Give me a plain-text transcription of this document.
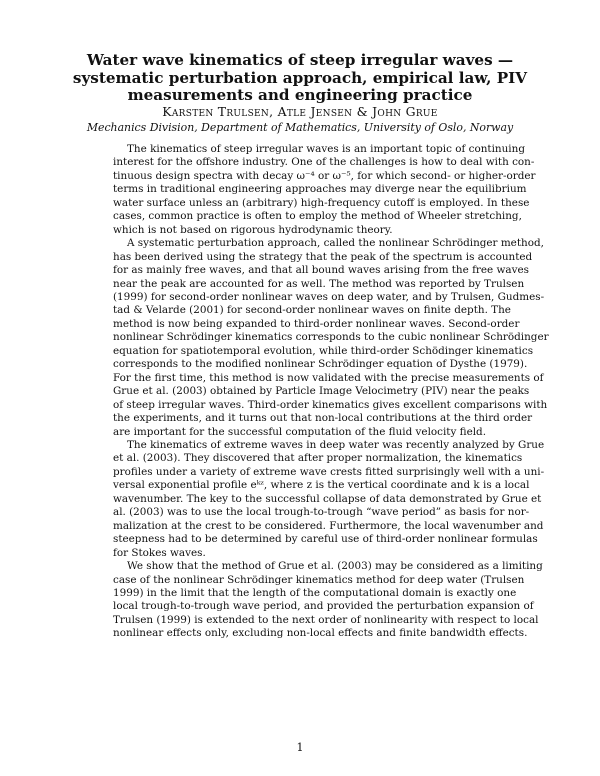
Water wave kinematics of steep irregular waves —
systematic perturbation approach, empirical law, PIV
measurements and engineering practice
Karsten Trulsen, Atle Jensen & John Grue
Mechanics Division, Department of Mathematics, University of Oslo, Norway
The kinematics of steep irregular waves is an important topic of continuing
interest for the offshore industry. One of the challenges is how to deal with con-
tinuous design spectra with decay ω⁻⁴ or ω⁻⁵, for which second- or higher-order
terms in traditional engineering approaches may diverge near the equilibrium
water surface unless an (arbitrary) high-frequency cutoff is employed. In these
cases, common practice is often to employ the method of Wheeler stretching,
which is not based on rigorous hydrodynamic theory.
A systematic perturbation approach, called the nonlinear Schrödinger method,
has been derived using the strategy that the peak of the spectrum is accounted
for as mainly free waves, and that all bound waves arising from the free waves
near the peak are accounted for as well. The method was reported by Trulsen
(1999) for second-order nonlinear waves on deep water, and by Trulsen, Gudmes-
tad & Velarde (2001) for second-order nonlinear waves on finite depth. The
method is now being expanded to third-order nonlinear waves. Second-order
nonlinear Schrödinger kinematics corresponds to the cubic nonlinear Schrödinger
equation for spatiotemporal evolution, while third-order Schödinger kinematics
corresponds to the modified nonlinear Schrödinger equation of Dysthe (1979).
For the first time, this method is now validated with the precise measurements of
Grue et al. (2003) obtained by Particle Image Velocimetry (PIV) near the peaks
of steep irregular waves. Third-order kinematics gives excellent comparisons with
the experiments, and it turns out that non-local contributions at the third order
are important for the successful computation of the fluid velocity field.
The kinematics of extreme waves in deep water was recently analyzed by Grue
et al. (2003). They discovered that after proper normalization, the kinematics
profiles under a variety of extreme wave crests fitted surprisingly well with a uni-
versal exponential profile eᵏᶻ, where z is the vertical coordinate and k is a local
wavenumber. The key to the successful collapse of data demonstrated by Grue et
al. (2003) was to use the local trough-to-trough “wave period” as basis for nor-
malization at the crest to be considered. Furthermore, the local wavenumber and
steepness had to be determined by careful use of third-order nonlinear formulas
for Stokes waves.
We show that the method of Grue et al. (2003) may be considered as a limiting
case of the nonlinear Schrödinger kinematics method for deep water (Trulsen
1999) in the limit that the length of the computational domain is exactly one
local trough-to-trough wave period, and provided the perturbation expansion of
Trulsen (1999) is extended to the next order of nonlinearity with respect to local
nonlinear effects only, excluding non-local effects and finite bandwidth effects.
1
